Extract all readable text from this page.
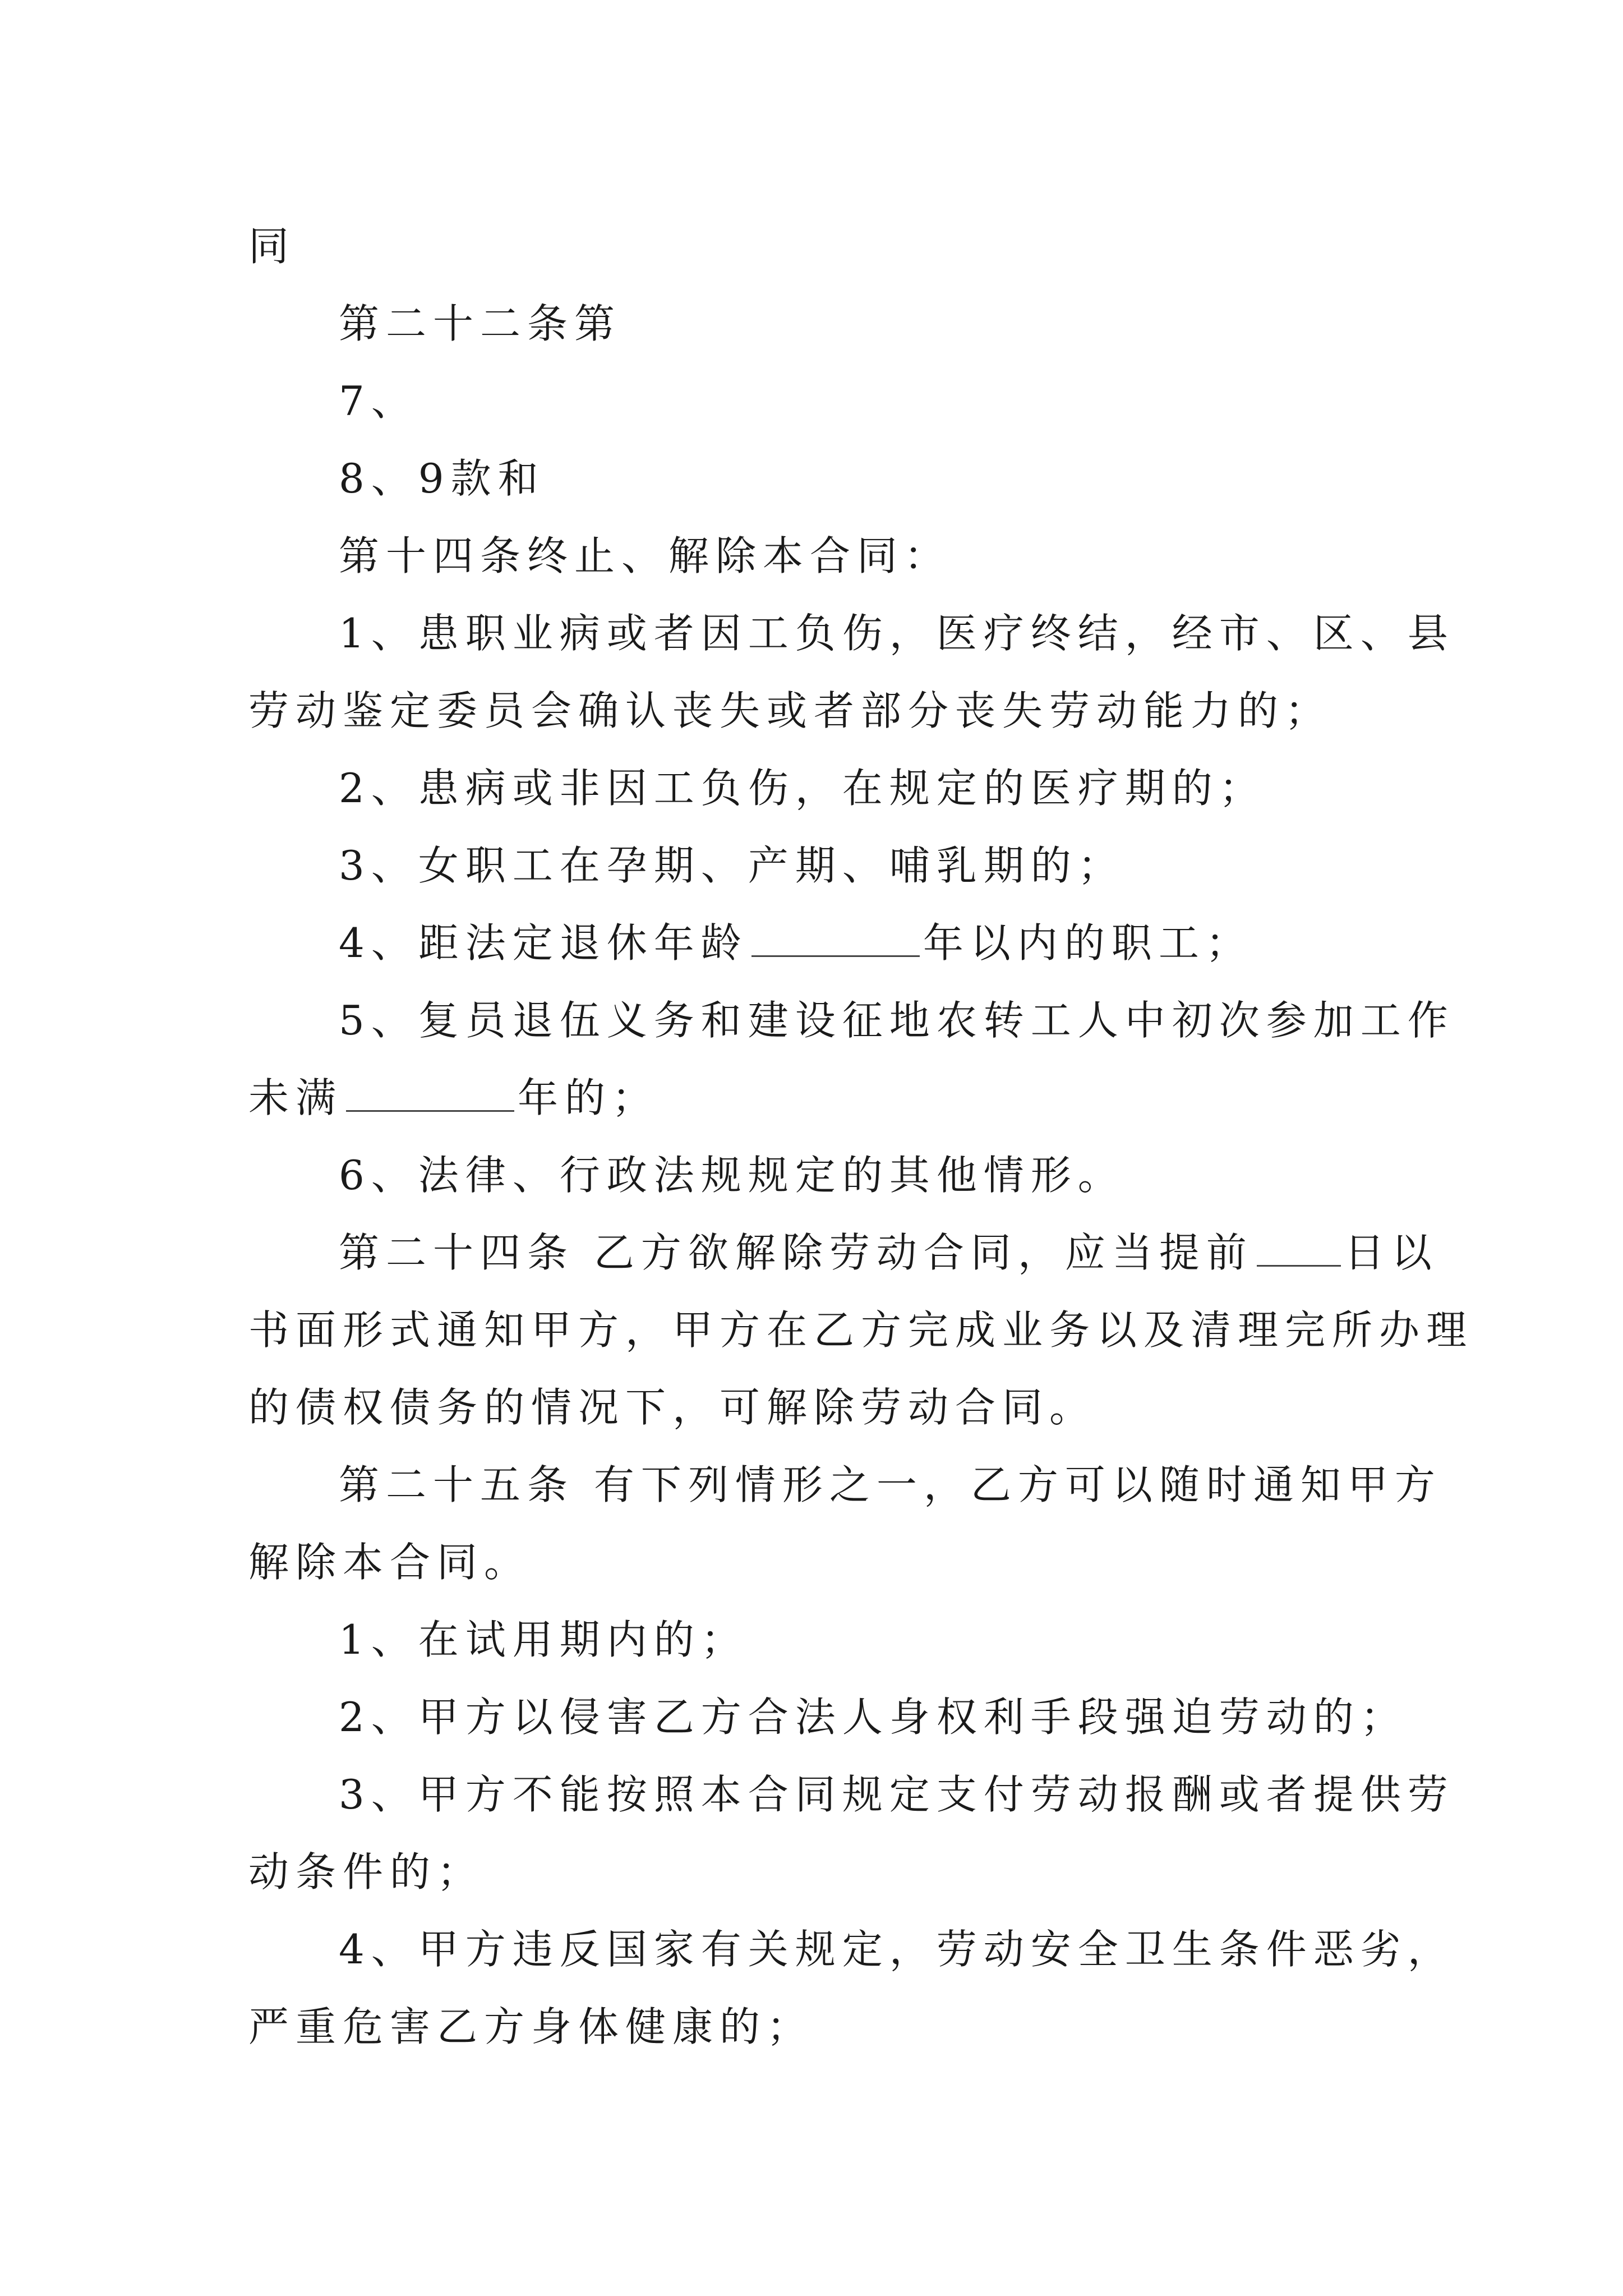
同
第二十二条第
7、
8、9款和
第十四条终止、解除本合同：
1、患职业病或者因工负伤，医疗终结，经市、区、县
劳动鉴定委员会确认丧失或者部分丧失劳动能力的；
2、患病或非因工负伤，在规定的医疗期的；
3、女职工在孕期、产期、哺乳期的；
4、距法定退休年龄	年以内的职工；
5、复员退伍义务和建设征地农转工人中初次参加工作
未满	年的；
6、法律、行政法规规定的其他情形。
第二十四条 乙方欲解除劳动合同，应当提前 日以
书面形式通知甲方，甲方在乙方完成业务以及清理完所办理
的债权债务的情况下，可解除劳动合同。
第二十五条 有下列情形之一，乙方可以随时通知甲方
解除本合同。
1、在试用期内的；
2、甲方以侵害乙方合法人身权利手段强迫劳动的；
3、甲方不能按照本合同规定支付劳动报酬或者提供劳
动条件的；
4、甲方违反国家有关规定，劳动安全卫生条件恶劣，
严重危害乙方身体健康的；
